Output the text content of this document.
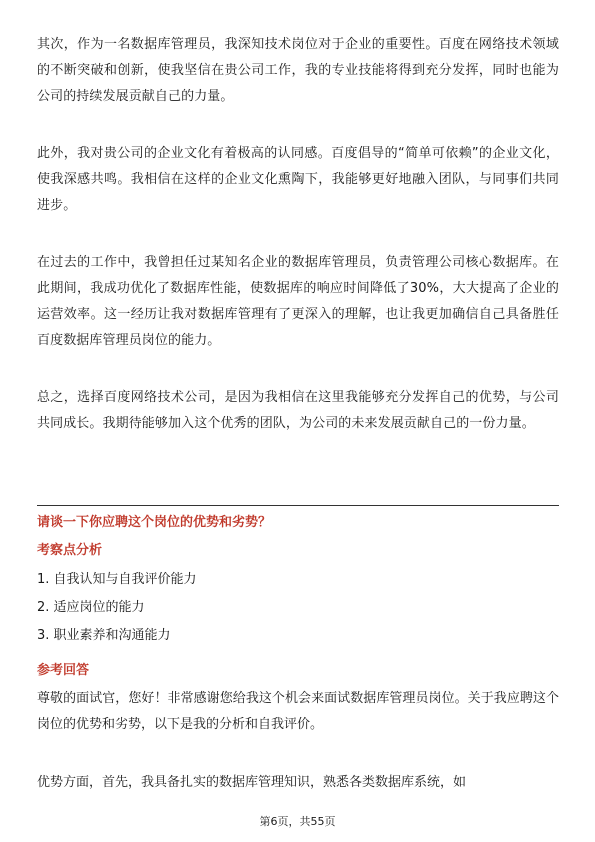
其次，作为一名数据库管理员，我深知技术岗位对于企业的重要性。百度在网络技术领域的不断突破和创新，使我坚信在贵公司工作，我的专业技能将得到充分发挥，同时也能为公司的持续发展贡献自己的力量。

此外，我对贵公司的企业文化有着极高的认同感。百度倡导的“简单可依赖”的企业文化，使我深感共鸣。我相信在这样的企业文化熏陶下，我能够更好地融入团队，与同事们共同进步。

在过去的工作中，我曾担任过某知名企业的数据库管理员，负责管理公司核心数据库。在此期间，我成功优化了数据库性能，使数据库的响应时间降低了30%，大大提高了企业的运营效率。这一经历让我对数据库管理有了更深入的理解，也让我更加确信自己具备胜任百度数据库管理员岗位的能力。

总之，选择百度网络技术公司，是因为我相信在这里我能够充分发挥自己的优势，与公司共同成长。我期待能够加入这个优秀的团队，为公司的未来发展贡献自己的一份力量。

请谈一下你应聘这个岗位的优势和劣势？

考察点分析

1. 自我认知与自我评价能力
2. 适应岗位的能力
3. 职业素养和沟通能力

参考回答

尊敬的面试官，您好！非常感谢您给我这个机会来面试数据库管理员岗位。关于我应聘这个岗位的优势和劣势，以下是我的分析和自我评价。

优势方面，首先，我具备扎实的数据库管理知识，熟悉各类数据库系统，如

第6页，共55页
